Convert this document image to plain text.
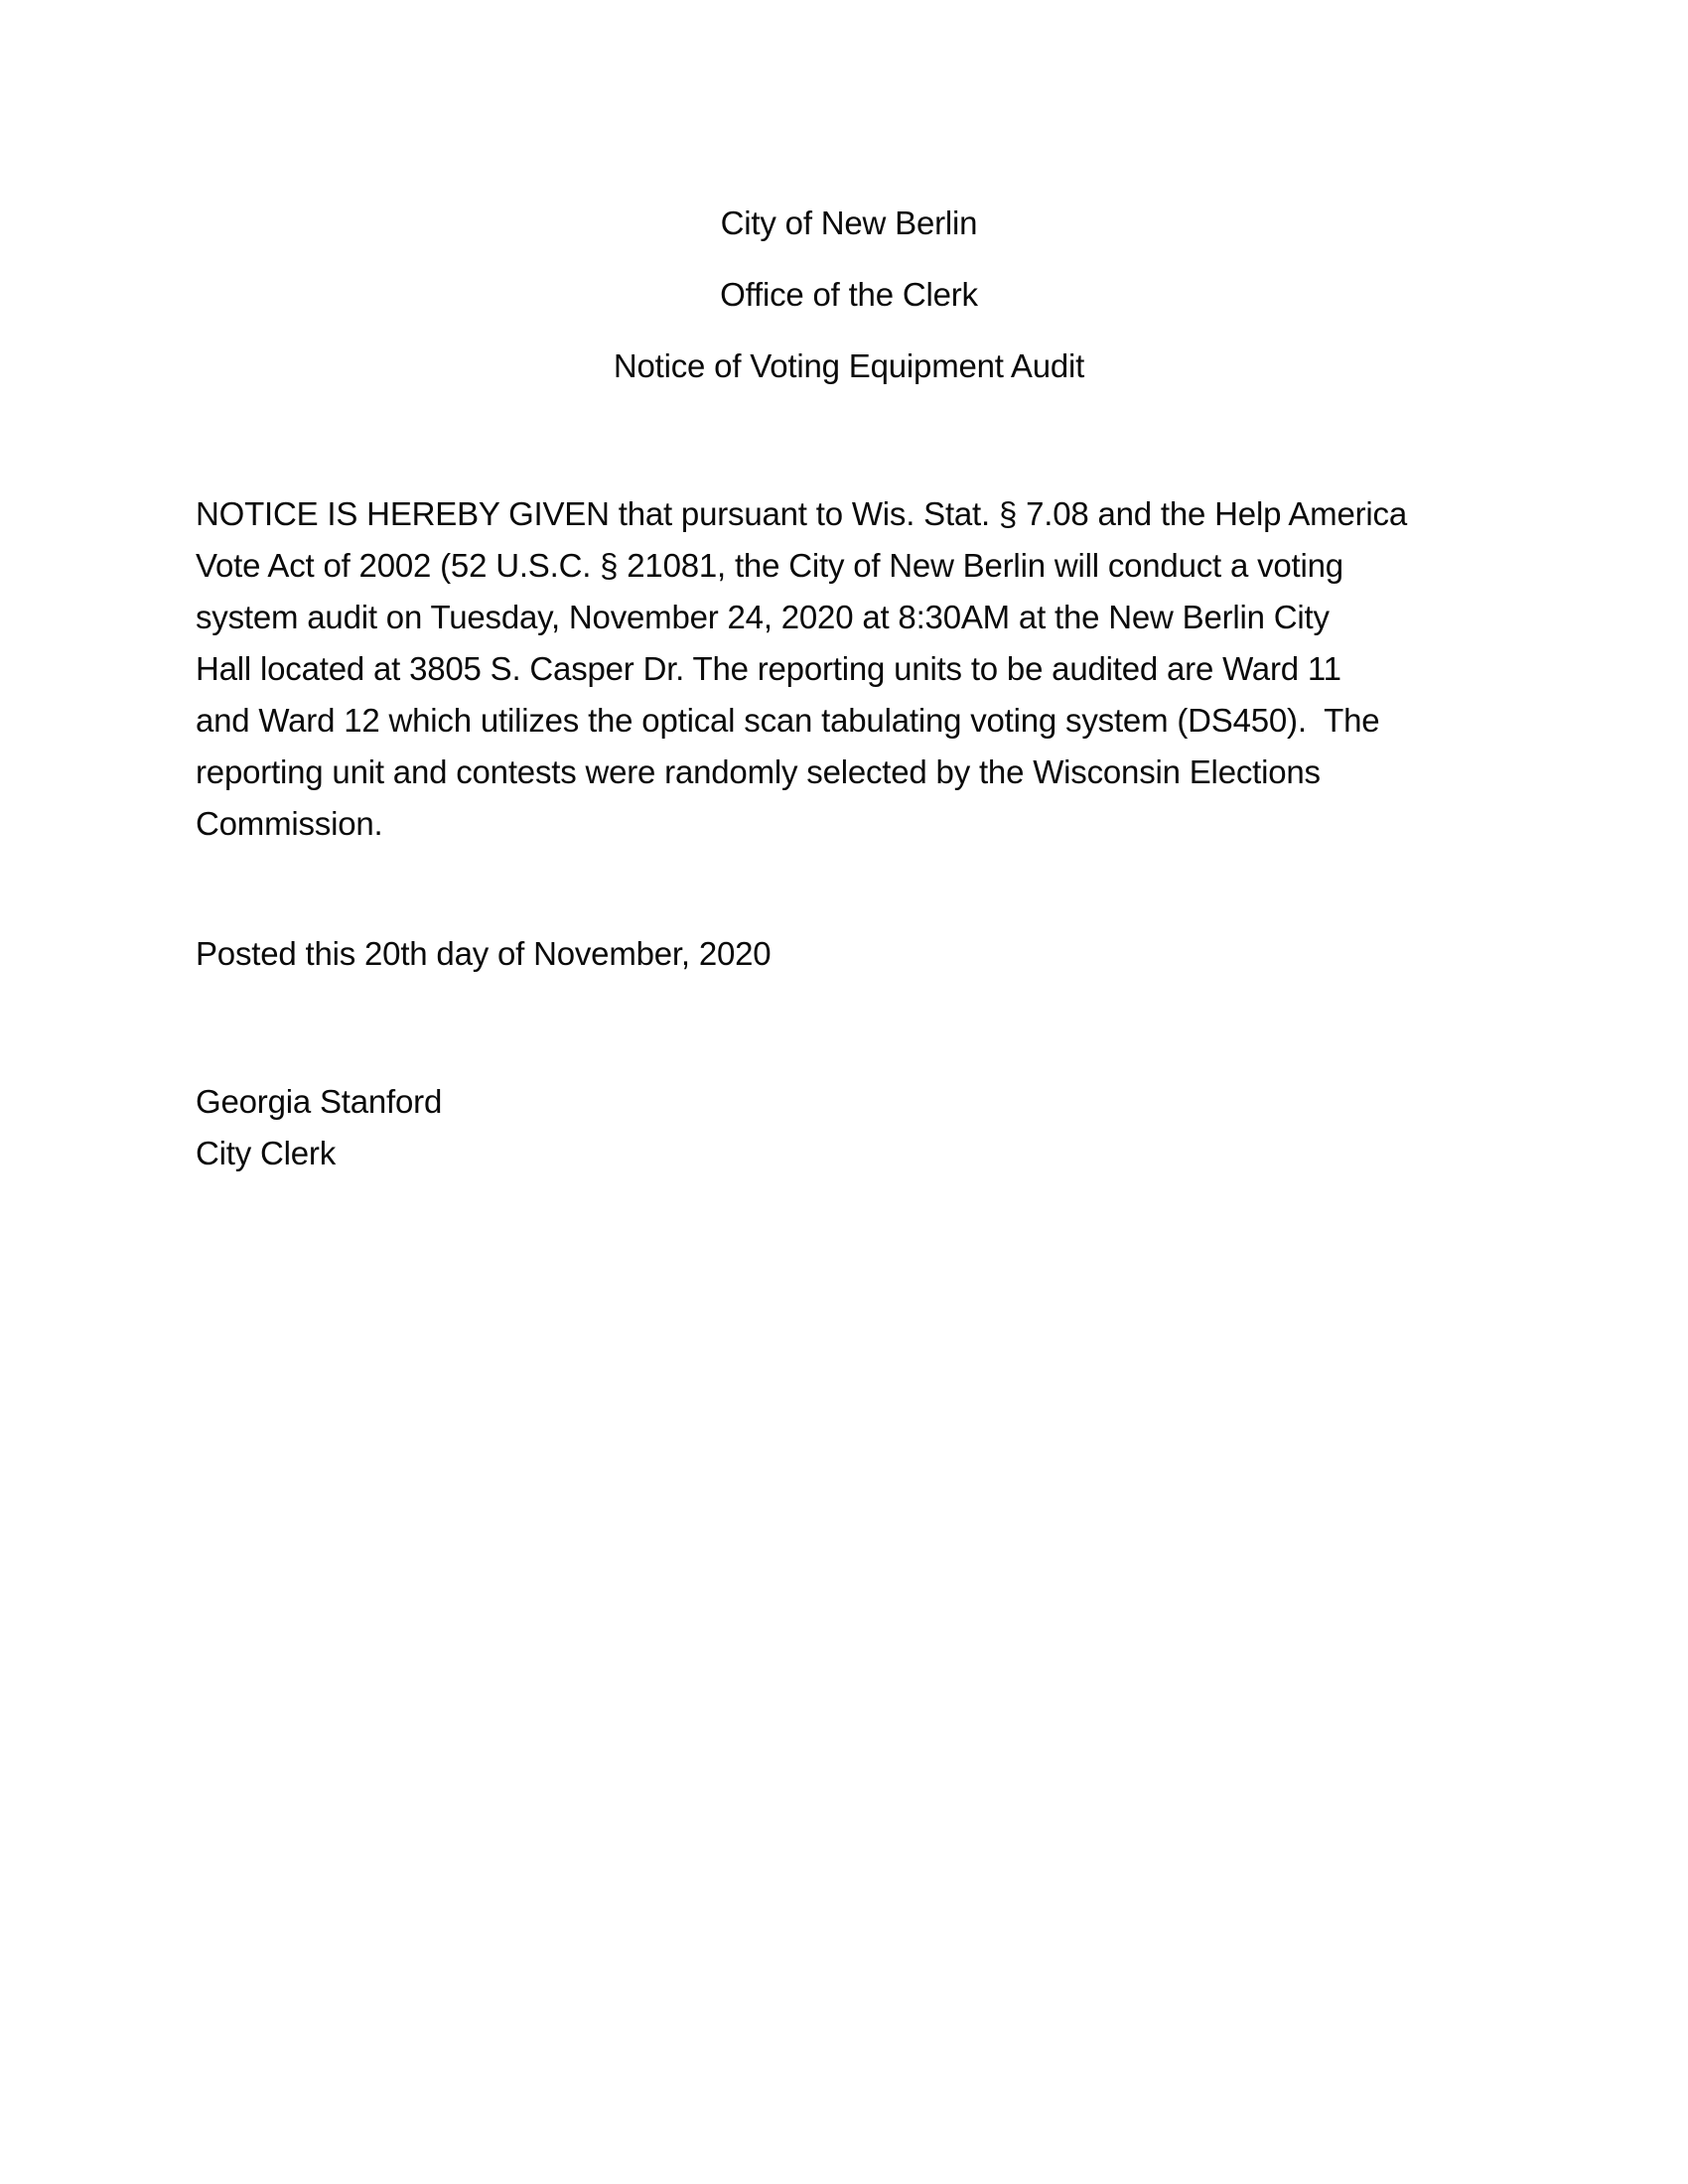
City of New Berlin

Office of the Clerk

Notice of Voting Equipment Audit

NOTICE IS HEREBY GIVEN that pursuant to Wis. Stat. § 7.08 and the Help America
Vote Act of 2002 (52 U.S.C. § 21081, the City of New Berlin will conduct a voting
system audit on Tuesday, November 24, 2020 at 8:30AM at the New Berlin City
Hall located at 3805 S. Casper Dr. The reporting units to be audited are Ward 11
and Ward 12 which utilizes the optical scan tabulating voting system (DS450).  The
reporting unit and contests were randomly selected by the Wisconsin Elections
Commission.

Posted this 20th day of November, 2020

Georgia Stanford
City Clerk
